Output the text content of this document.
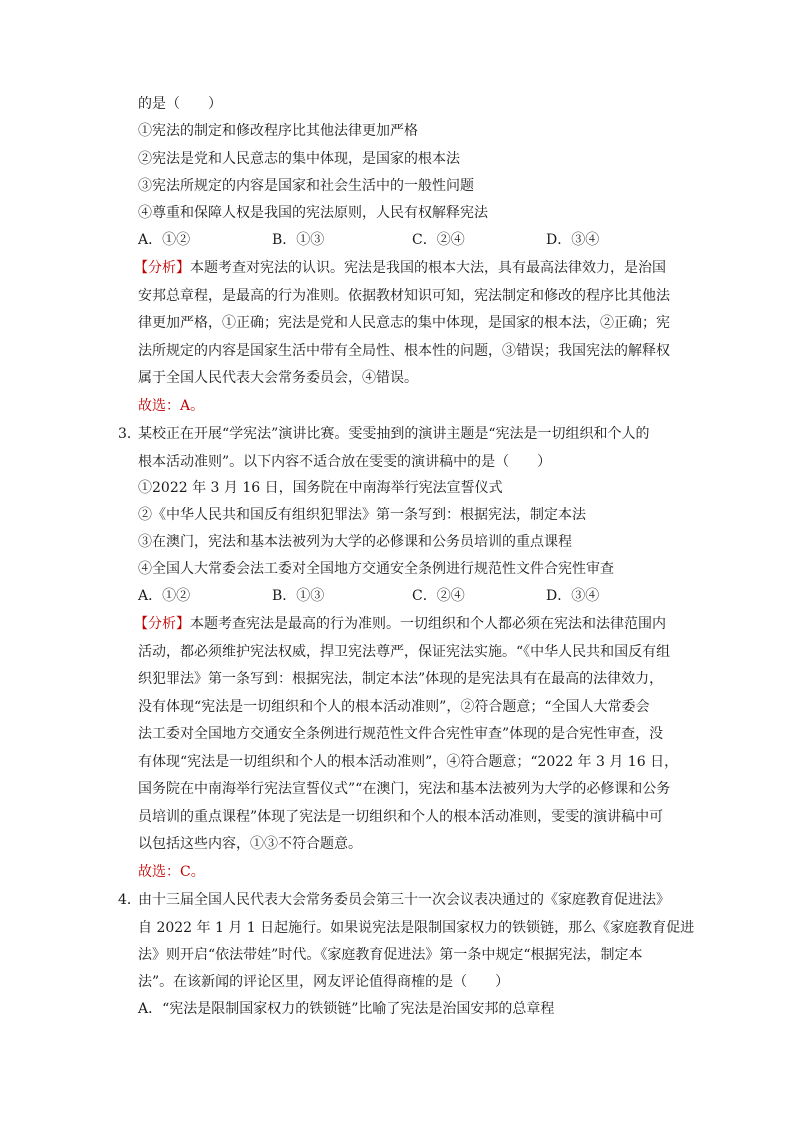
的是（　　）
①宪法的制定和修改程序比其他法律更加严格
②宪法是党和人民意志的集中体现，是国家的根本法
③宪法所规定的内容是国家和社会生活中的一般性问题
④尊重和保障人权是我国的宪法原则，人民有权解释宪法
A．①②	B．①③	C．②④	D．③④
【分析】本题考查对宪法的认识。宪法是我国的根本大法，具有最高法律效力，是治国
安邦总章程，是最高的行为准则。依据教材知识可知，宪法制定和修改的程序比其他法
律更加严格，①正确；宪法是党和人民意志的集中体现，是国家的根本法，②正确；宪
法所规定的内容是国家生活中带有全局性、根本性的问题，③错误；我国宪法的解释权
属于全国人民代表大会常务委员会，④错误。
故选：A。
3．
某校正在开展“学宪法”演讲比赛。雯雯抽到的演讲主题是“宪法是一切组织和个人的
根本活动准则”。以下内容不适合放在雯雯的演讲稿中的是（　　）
①2022 年 3 月 16 日，国务院在中南海举行宪法宣誓仪式
②《中华人民共和国反有组织犯罪法》第一条写到：根据宪法，制定本法
③在澳门，宪法和基本法被列为大学的必修课和公务员培训的重点课程
④全国人大常委会法工委对全国地方交通安全条例进行规范性文件合宪性审查
A．①②	B．①③	C．②④	D．③④
【分析】本题考查宪法是最高的行为准则。一切组织和个人都必须在宪法和法律范围内
活动，都必须维护宪法权威，捍卫宪法尊严，保证宪法实施。“《中华人民共和国反有组
织犯罪法》第一条写到：根据宪法，制定本法”体现的是宪法具有在最高的法律效力，
没有体现“宪法是一切组织和个人的根本活动准则”，②符合题意；“全国人大常委会
法工委对全国地方交通安全条例进行规范性文件合宪性审查”体现的是合宪性审查，没
有体现“宪法是一切组织和个人的根本活动准则”，④符合题意；“2022 年 3 月 16 日，
国务院在中南海举行宪法宣誓仪式”“在澳门，宪法和基本法被列为大学的必修课和公务
员培训的重点课程”体现了宪法是一切组织和个人的根本活动准则，雯雯的演讲稿中可
以包括这些内容，①③不符合题意。
故选：C。
4．
由十三届全国人民代表大会常务委员会第三十一次会议表决通过的《家庭教育促进法》
自 2022 年 1 月 1 日起施行。如果说宪法是限制国家权力的铁锁链，那么《家庭教育促进
法》则开启“依法带娃”时代。《家庭教育促进法》第一条中规定“根据宪法，制定本
法”。在该新闻的评论区里，网友评论值得商榷的是（　　）
A．“宪法是限制国家权力的铁锁链”比喻了宪法是治国安邦的总章程
